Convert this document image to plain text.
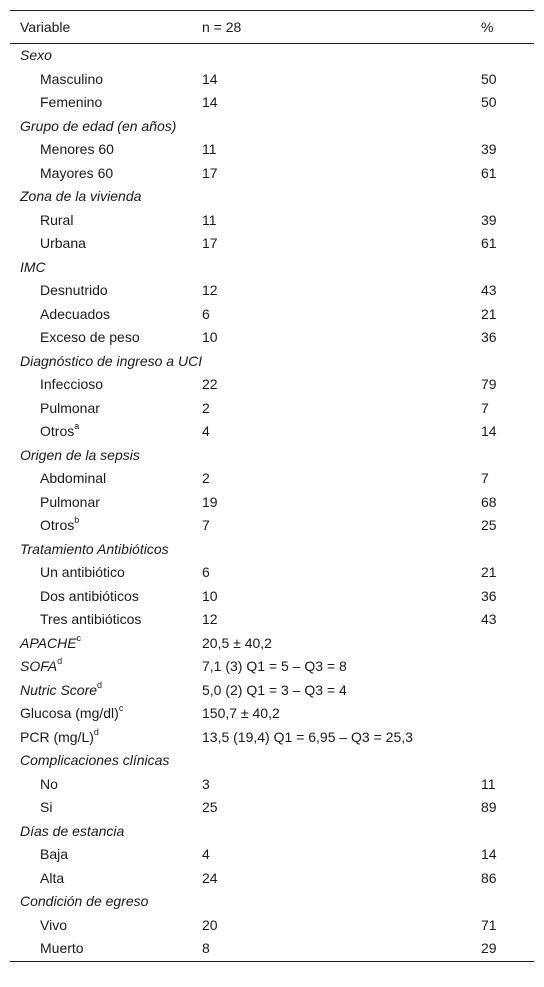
Variable	n = 28	%
Sexo
Masculino	14	50
Femenino	14	50
Grupo de edad (en años)
Menores 60	11	39
Mayores 60	17	61
Zona de la vivienda
Rural	11	39
Urbana	17	61
IMC
Desnutrido	12	43
Adecuados	6	21
Exceso de peso	10	36
Diagnóstico de ingreso a UCI
Infeccioso	22	79
Pulmonar	2	7
Otros$^a$	4	14
Origen de la sepsis
Abdominal	2	7
Pulmonar	19	68
Otros$^b$	7	25
Tratamiento Antibióticos
Un antibiótico	6	21
Dos antibióticos	10	36
Tres antibióticos	12	43
APACHE$^c$	20,5 ± 40,2
SOFA$^d$	7,1 (3) Q1 = 5 – Q3 = 8
Nutric Score$^d$	5,0 (2) Q1 = 3 – Q3 = 4
Glucosa $(mg/dl)^c$	150,7 ± 40,2
PCR $(mg/L)^d$	13,5 (19,4) Q1 = 6,95 – Q3 = 25,3
Complicaciones clínicas
No	3	11
Si	25	89
Días de estancia
Baja	4	14
Alta	24	86
Condición de egreso
Vivo	20	71
Muerto	8	29
